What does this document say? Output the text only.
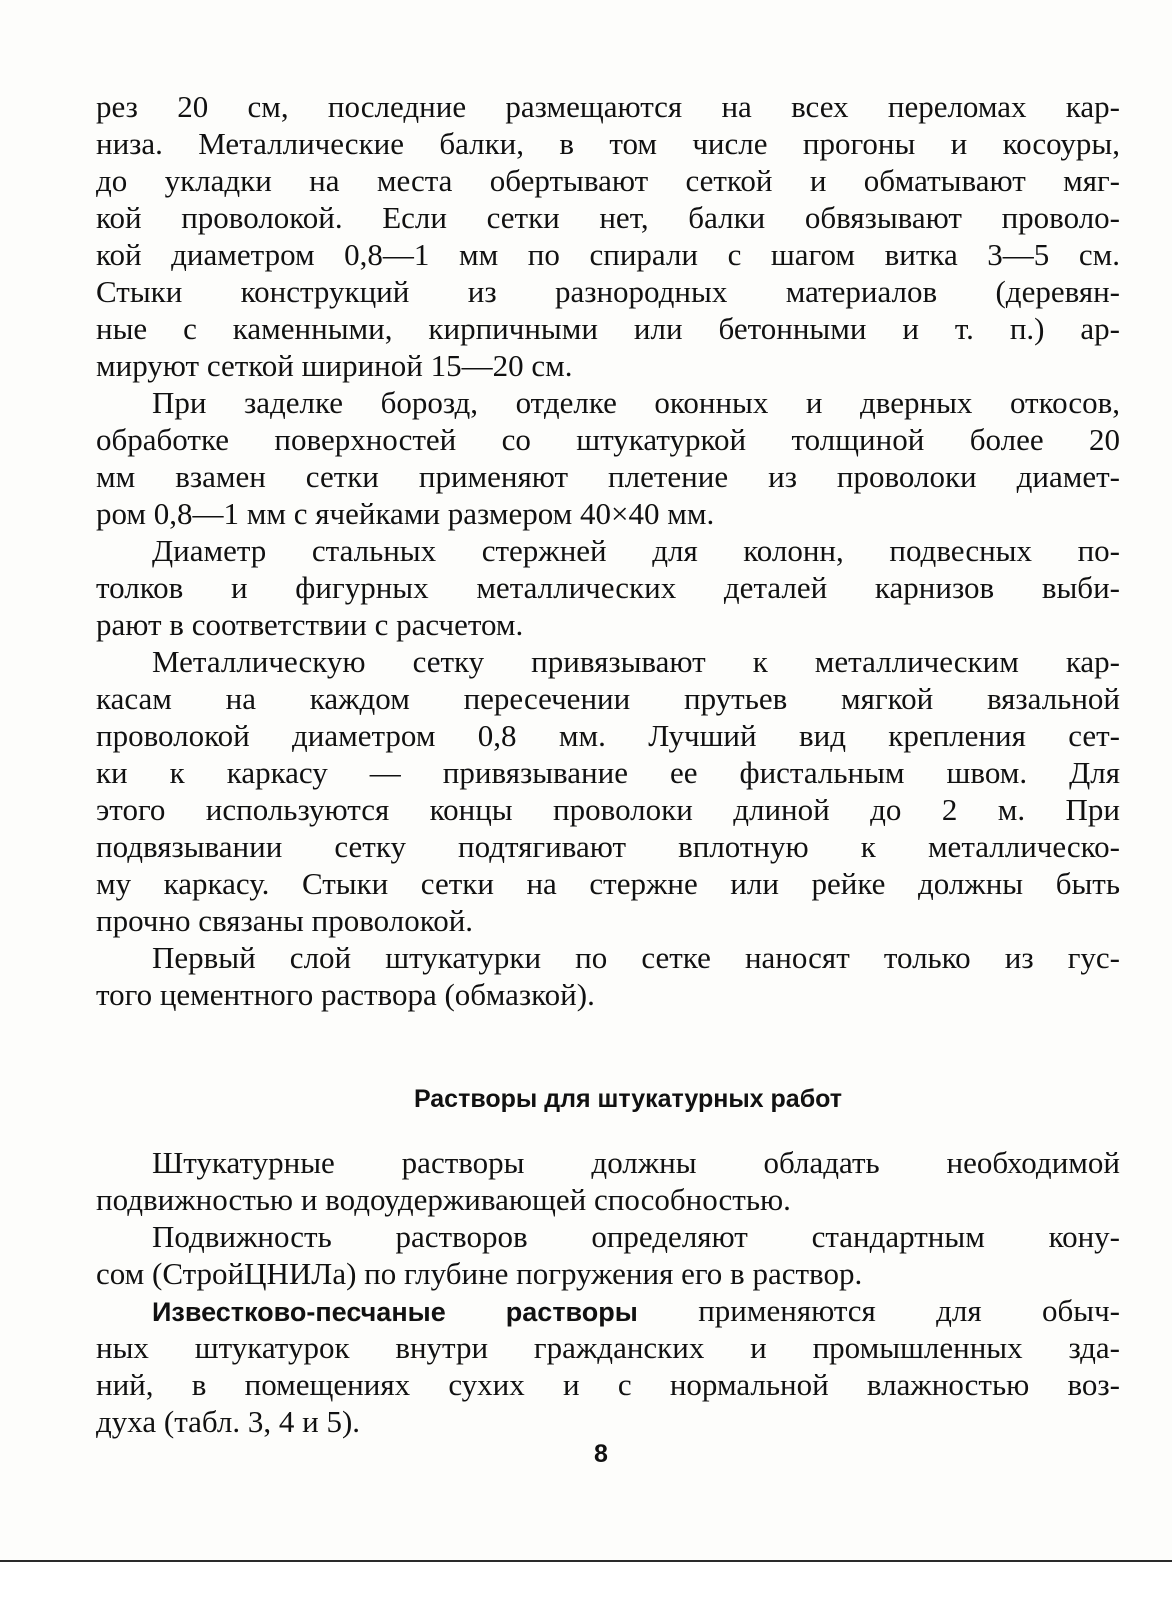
рез 20 см, последние размещаются на всех переломах кар-
низа. Металлические балки, в том числе прогоны и косоуры,
до укладки на места обертывают сеткой и обматывают мяг-
кой проволокой. Если сетки нет, балки обвязывают проволо-
кой диаметром 0,8—1 мм по спирали с шагом витка 3—5 см.
Стыки конструкций из разнородных материалов (деревян-
ные с каменными, кирпичными или бетонными и т. п.) ар-
мируют сеткой шириной 15—20 см.
При заделке борозд, отделке оконных и дверных откосов,
обработке поверхностей со штукатуркой толщиной более 20
мм взамен сетки применяют плетение из проволоки диамет-
ром 0,8—1 мм с ячейками размером 40×40 мм.
Диаметр стальных стержней для колонн, подвесных по-
толков и фигурных металлических деталей карнизов выби-
рают в соответствии с расчетом.
Металлическую сетку привязывают к металлическим кар-
касам на каждом пересечении прутьев мягкой вязальной
проволокой диаметром 0,8 мм. Лучший вид крепления сет-
ки к каркасу — привязывание ее фистальным швом. Для
этого используются концы проволоки длиной до 2 м. При
подвязывании сетку подтягивают вплотную к металлическо-
му каркасу. Стыки сетки на стержне или рейке должны быть
прочно связаны проволокой.
Первый слой штукатурки по сетке наносят только из гус-
того цементного раствора (обмазкой).
Растворы для штукатурных работ
Штукатурные растворы должны обладать необходимой
подвижностью и водоудерживающей способностью.
Подвижность растворов определяют стандартным кону-
сом (СтройЦНИЛа) по глубине погружения его в раствор.
Известково-песчаные растворы применяются для обыч-
ных штукатурок внутри гражданских и промышленных зда-
ний, в помещениях сухих и с нормальной влажностью воз-
духа (табл. 3, 4 и 5).
8
